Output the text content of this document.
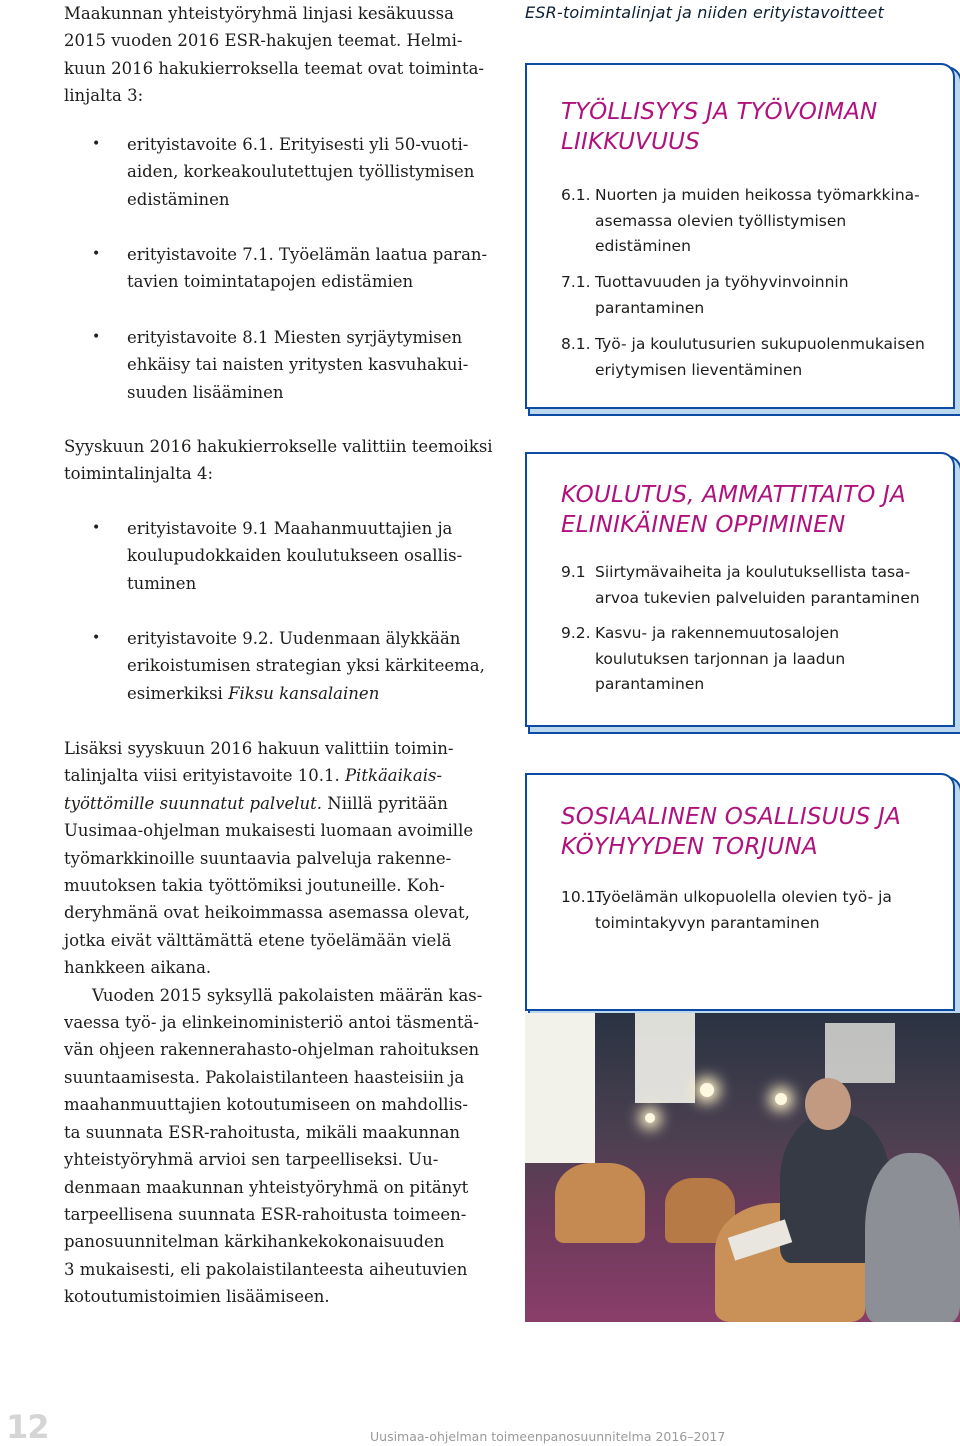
Maakunnan yhteistyöryhmä linjasi kesäkuussa
2015 vuoden 2016 ESR-hakujen teemat. Helmi-
kuun 2016 hakukierroksella teemat ovat toiminta-
linjalta 3:

• erityistavoite 6.1. Erityisesti yli 50-vuoti-
aiden, korkeakoulutettujen työllistymisen
edistäminen
• erityistavoite 7.1. Työelämän laatua paran-
tavien toimintatapojen edistämien
• erityistavoite 8.1 Miesten syrjäytymisen
ehkäisy tai naisten yritysten kasvuhakui-
suuden lisääminen

Syyskuun 2016 hakukierrokselle valittiin teemoiksi
toimintalinjalta 4:

• erityistavoite 9.1 Maahanmuuttajien ja
koulupudokkaiden koulutukseen osallis-
tuminen
• erityistavoite 9.2. Uudenmaan älykkään
erikoistumisen strategian yksi kärkiteema,
esimerkiksi Fiksu kansalainen

Lisäksi syyskuun 2016 hakuun valittiin toimin-
talinjalta viisi erityistavoite 10.1. Pitkäaikais-
työttömille suunnatut palvelut. Niillä pyritään
Uusimaa-ohjelman mukaisesti luomaan avoimille
työmarkkinoille suuntaavia palveluja rakenne-
muutoksen takia työttömiksi joutuneille. Koh-
deryhmänä ovat heikoimmassa asemassa olevat,
jotka eivät välttämättä etene työelämään vielä
hankkeen aikana.

Vuoden 2015 syksyllä pakolaisten määrän kas-
vaessa työ- ja elinkeinoministeriö antoi täsmentä-
vän ohjeen rakennerahasto-ohjelman rahoituksen
suuntaamisesta. Pakolaistilanteen haasteisiin ja
maahanmuuttajien kotoutumiseen on mahdollis-
ta suunnata ESR-rahoitusta, mikäli maakunnan
yhteistyöryhmä arvioi sen tarpeelliseksi. Uu-
denmaan maakunnan yhteistyöryhmä on pitänyt
tarpeellisena suunnata ESR-rahoitusta toimeen-
panosuunnitelman kärkihankekokonaisuuden
3 mukaisesti, eli pakolaistilanteesta aiheutuvien
kotoutumistoimien lisäämiseen.

ESR-toimintalinjat ja niiden erityistavoitteet
TYÖLLISYYS JA TYÖVOIMAN
LIIKKUVUUS
6.1. Nuorten ja muiden heikossa työmarkkina-
asemassa olevien työllistymisen
edistäminen
7.1. Tuottavuuden ja työhyvinvoinnin
parantaminen
8.1. Työ- ja koulutusurien sukupuolenmukaisen
eriytymisen lieventäminen
KOULUTUS, AMMATTITAITO JA
ELINIKÄINEN OPPIMINEN
9.1 Siirtymävaiheita ja koulutuksellista tasa-
arvoa tukevien palveluiden parantaminen
9.2. Kasvu- ja rakennemuutosalojen
koulutuksen tarjonnan ja laadun
parantaminen
SOSIAALINEN OSALLISUUS JA
KÖYHYYDEN TORJUNA
10.1.
Työelämän ulkopuolella olevien työ- ja
toimintakyvyn parantaminen
12	Uusimaa-ohjelman toimeenpanosuunnitelma 2016–2017
